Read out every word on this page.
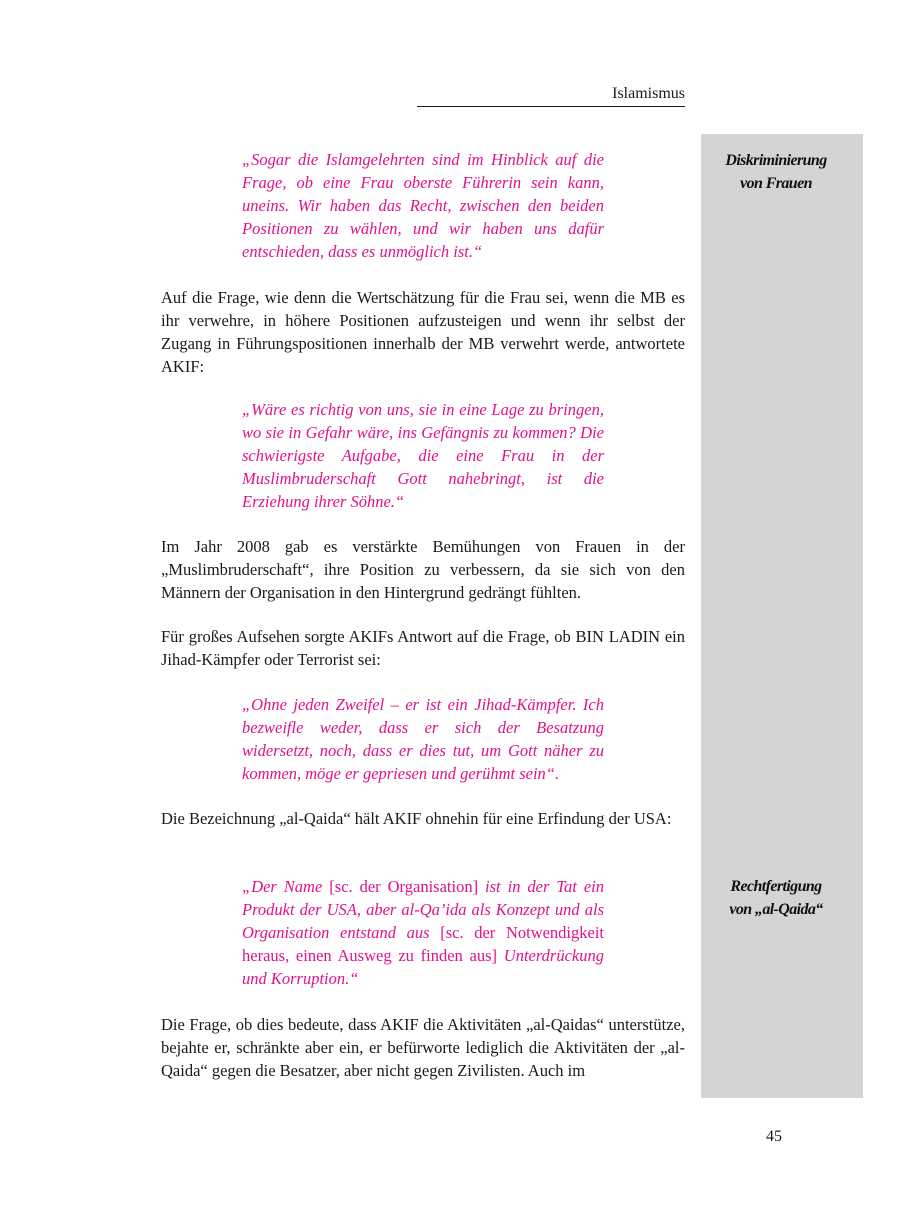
Islamismus
Diskriminierung
von Frauen
Rechtfertigung
von „al-Qaida“

„Sogar die Islamgelehrten sind im Hinblick auf die Frage, ob eine Frau oberste Führerin sein kann, uneins. Wir haben das Recht, zwischen den beiden Positionen zu wählen, und wir haben uns dafür entschieden, dass es unmöglich ist.“

Auf die Frage, wie denn die Wertschätzung für die Frau sei, wenn die MB es ihr verwehre, in höhere Positionen aufzusteigen und wenn ihr selbst der Zugang in Führungspositionen innerhalb der MB verwehrt werde, antwortete AKIF:

„Wäre es richtig von uns, sie in eine Lage zu bringen, wo sie in Gefahr wäre, ins Gefängnis zu kommen? Die schwierigste Aufgabe, die eine Frau in der Muslimbruderschaft Gott nahebringt, ist die Erziehung ihrer Söhne.“

Im Jahr 2008 gab es verstärkte Bemühungen von Frauen in der „Muslimbruderschaft“, ihre Position zu verbessern, da sie sich von den Männern der Organisation in den Hintergrund gedrängt fühlten.

Für großes Aufsehen sorgte AKIFs Antwort auf die Frage, ob BIN LADIN ein Jihad-Kämpfer oder Terrorist sei:

„Ohne jeden Zweifel – er ist ein Jihad-Kämpfer. Ich bezweifle weder, dass er sich der Besatzung widersetzt, noch, dass er dies tut, um Gott näher zu kommen, möge er gepriesen und gerühmt sein“.

Die Bezeichnung „al-Qaida“ hält AKIF ohnehin für eine Erfindung der USA:

„Der Name [sc. der Organisation] ist in der Tat ein Produkt der USA, aber al-Qa’ida als Konzept und als Organisation entstand aus [sc. der Notwendigkeit heraus, einen Ausweg zu finden aus] Unterdrückung und Korruption.“

Die Frage, ob dies bedeute, dass AKIF die Aktivitäten „al-Qaidas“ unterstütze, bejahte er, schränkte aber ein, er befürworte lediglich die Aktivitäten der „al-Qaida“ gegen die Besatzer, aber nicht gegen Zivilisten. Auch im

45
